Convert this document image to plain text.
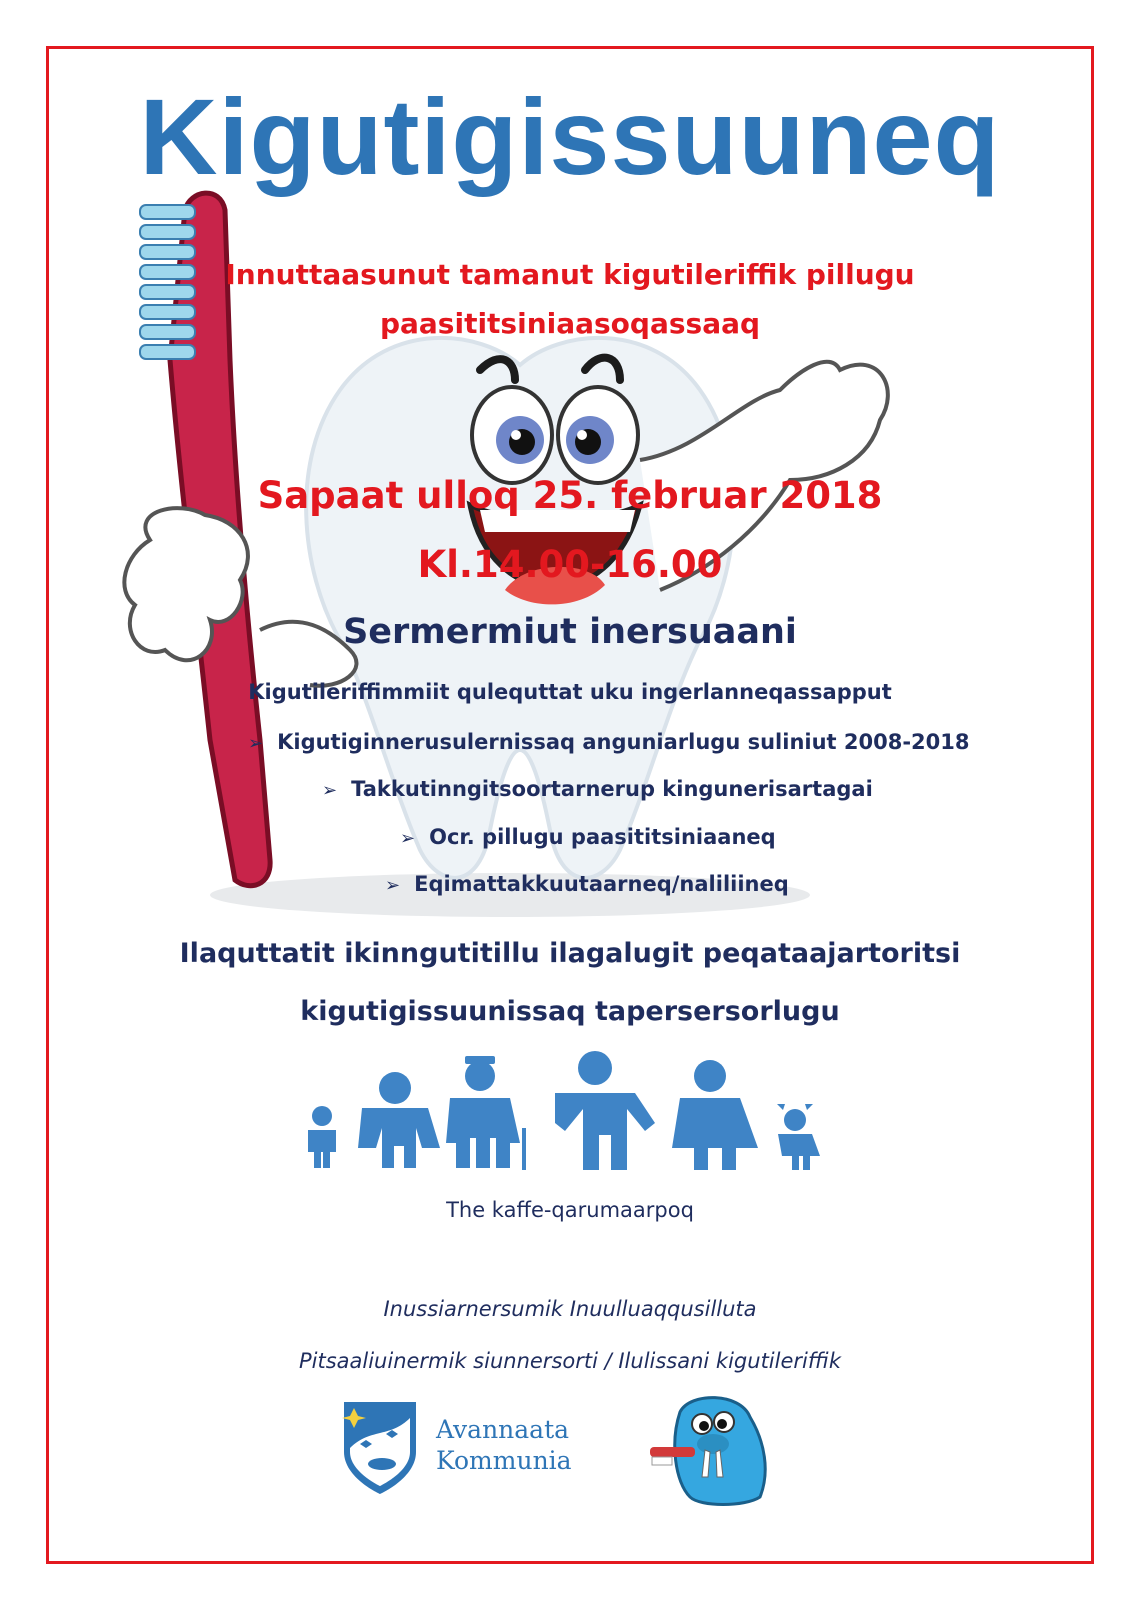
Kigutigissuuneq
Innuttaasunut tamanut kigutileriffik pillugu
paasititsiniaasoqassaaq
Sapaat ulloq 25. februar 2018
Kl.14.00-16.00
Sermermiut inersuaani
Kigutileriffimmiit qulequttat uku ingerlanneqassapput
➢ Kigutiginnerusulernissaq anguniarlugu suliniut 2008-2018
➢ Takkutinngitsoortarnerup kingunerisartagai
➢ Ocr. pillugu paasititsiniaaneq
➢ Eqimattakkuutaarneq/naliliineq
Ilaquttatit ikinngutitillu ilagalugit peqataajartoritsi
kigutigissuunissaq tapersersorlugu
The kaffe-qarumaarpoq
Inussiarnersumik Inuulluaqqusilluta
Pitsaaliuinermik siunnersorti / Ilulissani kigutileriffik
Avannaata
Kommunia
